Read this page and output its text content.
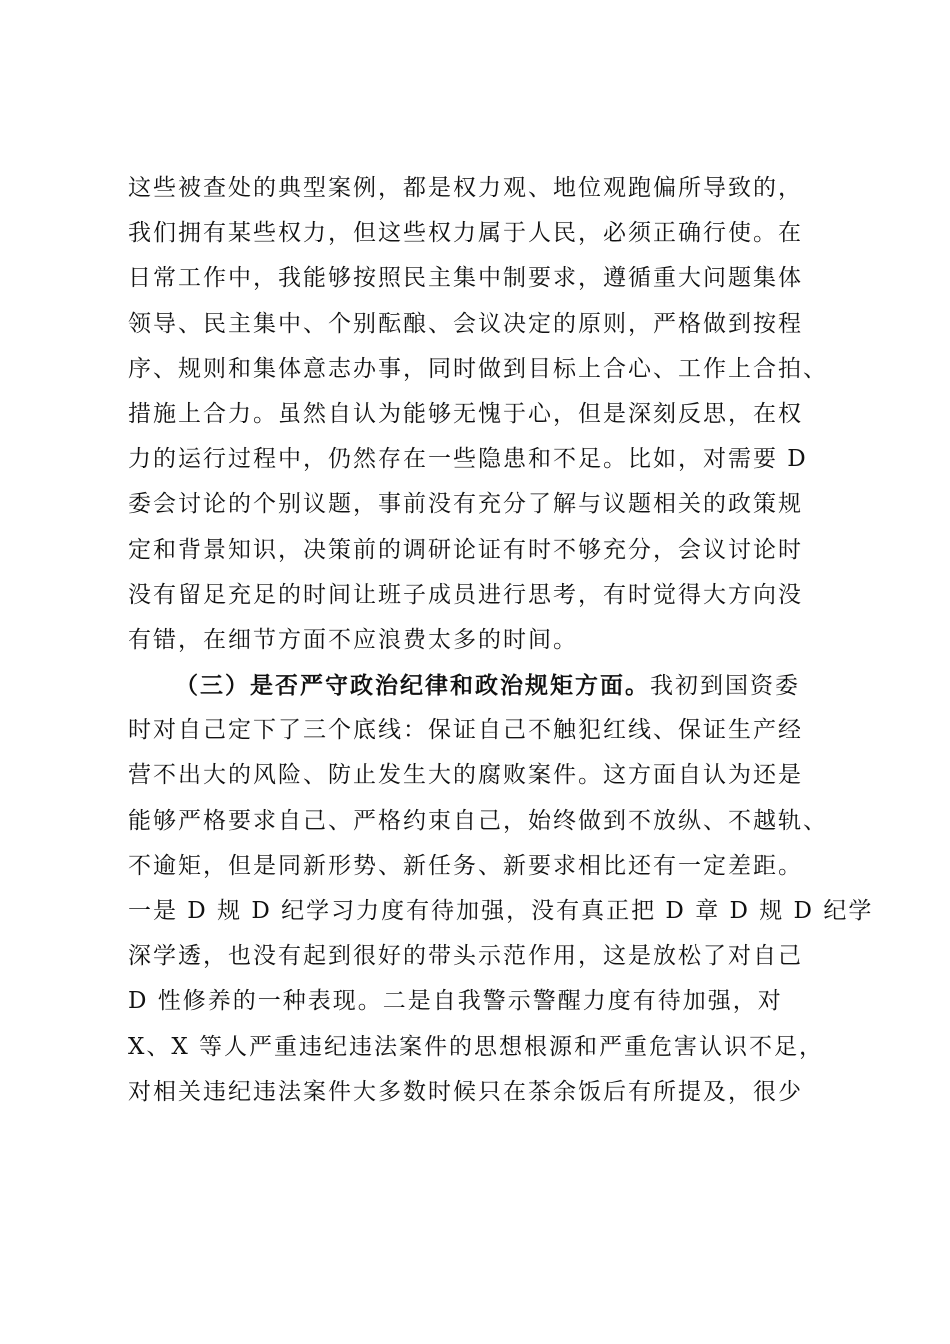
这些被查处的典型案例，都是权力观、地位观跑偏所导致的，
我们拥有某些权力，但这些权力属于人民，必须正确行使。在
日常工作中，我能够按照民主集中制要求，遵循重大问题集体
领导、民主集中、个别酝酿、会议决定的原则，严格做到按程
序、规则和集体意志办事，同时做到目标上合心、工作上合拍、
措施上合力。虽然自认为能够无愧于心，但是深刻反思，在权
力的运行过程中，仍然存在一些隐患和不足。比如，对需要 D
委会讨论的个别议题，事前没有充分了解与议题相关的政策规
定和背景知识，决策前的调研论证有时不够充分，会议讨论时
没有留足充足的时间让班子成员进行思考，有时觉得大方向没
有错，在细节方面不应浪费太多的时间。
（三）是否严守政治纪律和政治规矩方面。我初到国资委
时对自己定下了三个底线：保证自己不触犯红线、保证生产经
营不出大的风险、防止发生大的腐败案件。这方面自认为还是
能够严格要求自己、严格约束自己，始终做到不放纵、不越轨、
不逾矩，但是同新形势、新任务、新要求相比还有一定差距。
一是 D 规 D 纪学习力度有待加强，没有真正把 D 章 D 规 D 纪学
深学透，也没有起到很好的带头示范作用，这是放松了对自己
D 性修养的一种表现。二是自我警示警醒力度有待加强，对
X、X 等人严重违纪违法案件的思想根源和严重危害认识不足，
对相关违纪违法案件大多数时候只在茶余饭后有所提及，很少
